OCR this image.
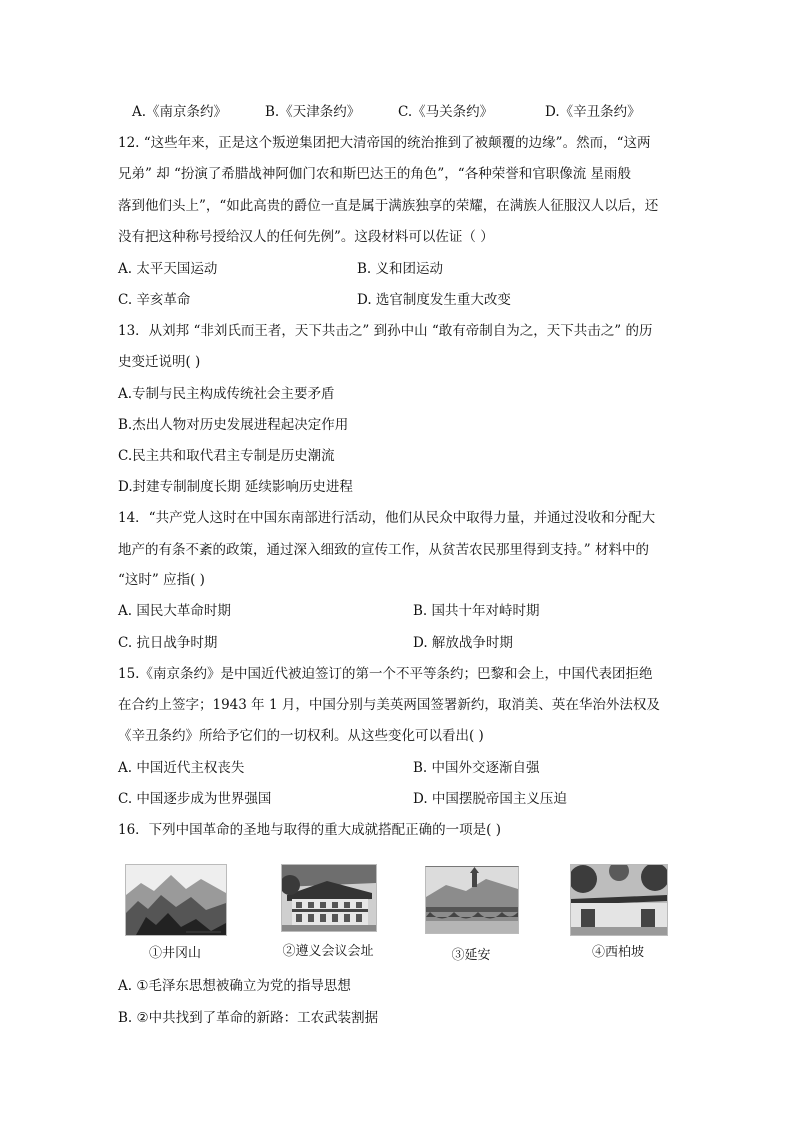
A.《南京条约》	B.《天津条约》	C.《马关条约》	D.《辛丑条约》
12. “这些年来，正是这个叛逆集团把大清帝国的统治推到了被颠覆的边缘”。然而，“这两
兄弟” 却 “扮演了希腊战神阿伽门农和斯巴达王的角色”，“各种荣誉和官职像流 星雨般
落到他们头上”，“如此高贵的爵位一直是属于满族独享的荣耀，在满族人征服汉人以后，还
没有把这种称号授给汉人的任何先例”。这段材料可以佐证（ ）
A. 太平天国运动	B. 义和团运动
C. 辛亥革命	D. 选官制度发生重大改变
13．从刘邦 “非刘氏而王者，天下共击之” 到孙中山 “敢有帝制自为之，天下共击之” 的历
史变迁说明( )
A.专制与民主构成传统社会主要矛盾
B.杰出人物对历史发展进程起决定作用
C.民主共和取代君主专制是历史潮流
D.封建专制制度长期 延续影响历史进程
14．“共产党人这时在中国东南部进行活动，他们从民众中取得力量，并通过没收和分配大
地产的有条不紊的政策，通过深入细致的宣传工作，从贫苦农民那里得到支持。” 材料中的
“这时” 应指( )
A. 国民大革命时期	B. 国共十年对峙时期
C. 抗日战争时期	D. 解放战争时期
15.《南京条约》是中国近代被迫签订的第一个不平等条约；巴黎和会上，中国代表团拒绝
在合约上签字；1943 年 1 月，中国分别与美英两国签署新约，取消美、英在华治外法权及
《辛丑条约》所给予它们的一切权利。从这些变化可以看出( )
A. 中国近代主权丧失	B. 中国外交逐渐自强
C. 中国逐步成为世界强国	D. 中国摆脱帝国主义压迫
16．下列中国革命的圣地与取得的重大成就搭配正确的一项是( )
①井冈山	②遵义会议会址	③延安	④西柏坡
A. ①毛泽东思想被确立为党的指导思想
B. ②中共找到了革命的新路：工农武装割据
